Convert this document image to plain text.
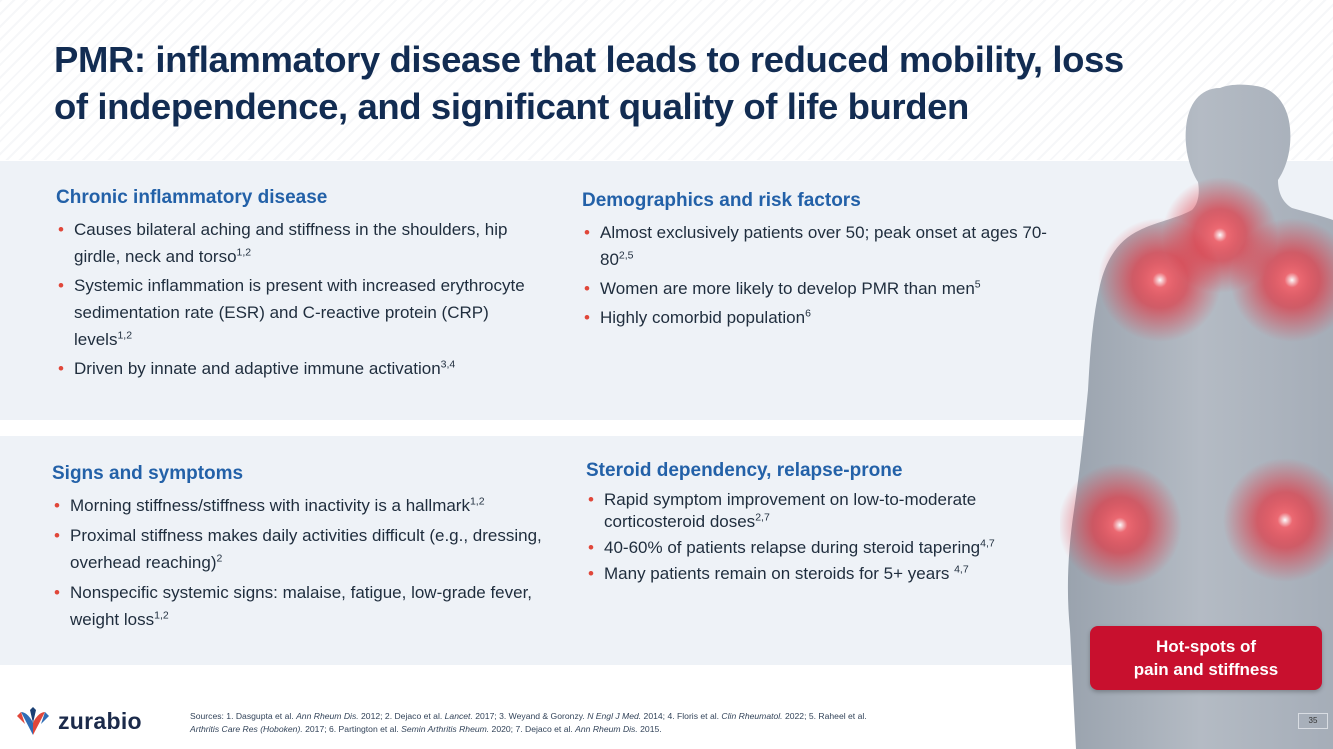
PMR: inflammatory disease that leads to reduced mobility, loss of independence, and significant quality of life burden
Chronic inflammatory disease
• Causes bilateral aching and stiffness in the shoulders, hip girdle, neck and torso$^{1,2}$
• Systemic inflammation is present with increased erythrocyte sedimentation rate (ESR) and C-reactive protein (CRP) levels$^{1,2}$
• Driven by innate and adaptive immune activation$^{3,4}$
Demographics and risk factors
• Almost exclusively patients over 50; peak onset at ages 70-80$^{2,5}$
• Women are more likely to develop PMR than men$^5$
• Highly comorbid population$^6$
Signs and symptoms
• Morning stiffness/stiffness with inactivity is a hallmark$^{1,2}$
• Proximal stiffness makes daily activities difficult (e.g., dressing, overhead reaching)$^2$
• Nonspecific systemic signs: malaise, fatigue, low-grade fever, weight loss$^{1,2}$
Steroid dependency, relapse-prone
• Rapid symptom improvement on low-to-moderate corticosteroid doses$^{2,7}$
• 40-60% of patients relapse during steroid tapering$^{4,7}$
• Many patients remain on steroids for 5+ years $^{4,7}$
Hot-spots of
pain and stiffness
zurabio	Sources: 1. Dasgupta et al. Ann Rheum Dis. 2012; 2. Dejaco et al. Lancet. 2017; 3. Weyand & Goronzy. N Engl J Med. 2014; 4. Floris et al. Clin Rheumatol. 2022; 5. Raheel et al.
Arthritis Care Res (Hoboken). 2017; 6. Partington et al. Semin Arthritis Rheum. 2020; 7. Dejaco et al. Ann Rheum Dis. 2015.
35
